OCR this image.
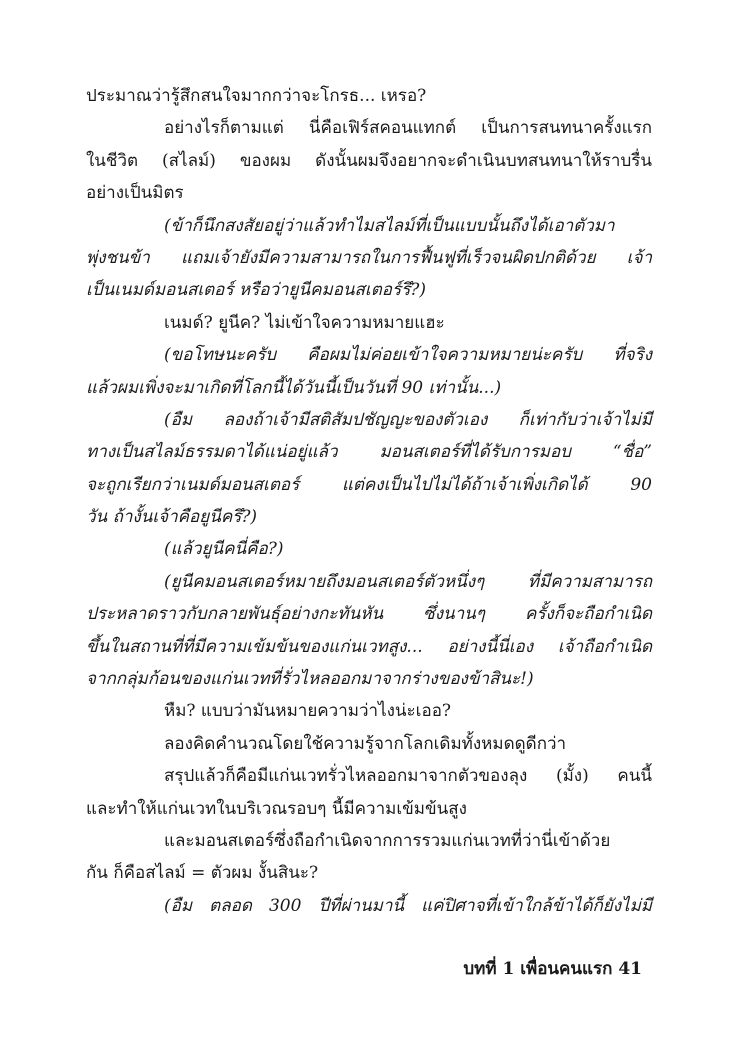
ประมาณว่ารู้สึกสนใจมากกว่าจะโกรธ... เหรอ?
อย่างไรก็ตามแต่ นี่คือเฟิร์สคอนแทกต์ เป็นการสนทนาครั้งแรก
ในชีวิต (สไลม์) ของผม ดังนั้นผมจึงอยากจะดำเนินบทสนทนาให้ราบรื่น
อย่างเป็นมิตร
(ข้าก็นึกสงสัยอยู่ว่าแล้วทำไมสไลม์ที่เป็นแบบนั้นถึงได้เอาตัวมา
พุ่งชนข้า แถมเจ้ายังมีความสามารถในการฟื้นฟูที่เร็วจนผิดปกติด้วย เจ้า
เป็นเนมด์มอนสเตอร์ หรือว่ายูนีคมอนสเตอร์รึ?)
เนมด์? ยูนีค? ไม่เข้าใจความหมายแฮะ
(ขอโทษนะครับ คือผมไม่ค่อยเข้าใจความหมายน่ะครับ ที่จริง
แล้วผมเพิ่งจะมาเกิดที่โลกนี้ได้วันนี้เป็นวันที่ 90 เท่านั้น...)
(อืม ลองถ้าเจ้ามีสติสัมปชัญญะของตัวเอง ก็เท่ากับว่าเจ้าไม่มี
ทางเป็นสไลม์ธรรมดาได้แน่อยู่แล้ว มอนสเตอร์ที่ได้รับการมอบ “ชื่อ”
จะถูกเรียกว่าเนมด์มอนสเตอร์ แต่คงเป็นไปไม่ได้ถ้าเจ้าเพิ่งเกิดได้ 90
วัน ถ้างั้นเจ้าคือยูนีครึ?)
(แล้วยูนีคนี่คือ?)
(ยูนีคมอนสเตอร์หมายถึงมอนสเตอร์ตัวหนึ่งๆ ที่มีความสามารถ
ประหลาดราวกับกลายพันธุ์อย่างกะทันหัน ซึ่งนานๆ ครั้งก็จะถือกำเนิด
ขึ้นในสถานที่ที่มีความเข้มข้นของแก่นเวทสูง... อย่างนี้นี่เอง เจ้าถือกำเนิด
จากกลุ่มก้อนของแก่นเวทที่รั่วไหลออกมาจากร่างของข้าสินะ!)
หืม? แบบว่ามันหมายความว่าไงน่ะเออ?
ลองคิดคำนวณโดยใช้ความรู้จากโลกเดิมทั้งหมดดูดีกว่า
สรุปแล้วก็คือมีแก่นเวทรั่วไหลออกมาจากตัวของลุง (มั้ง) คนนี้
และทำให้แก่นเวทในบริเวณรอบๆ นี้มีความเข้มข้นสูง
และมอนสเตอร์ซึ่งถือกำเนิดจากการรวมแก่นเวทที่ว่านี่เข้าด้วย
กัน ก็คือสไลม์ = ตัวผม งั้นสินะ?
(อืม ตลอด 300 ปีที่ผ่านมานี้ แค่ปิศาจที่เข้าใกล้ข้าได้ก็ยังไม่มี
บทที่ 1 เพื่อนคนแรก 41
